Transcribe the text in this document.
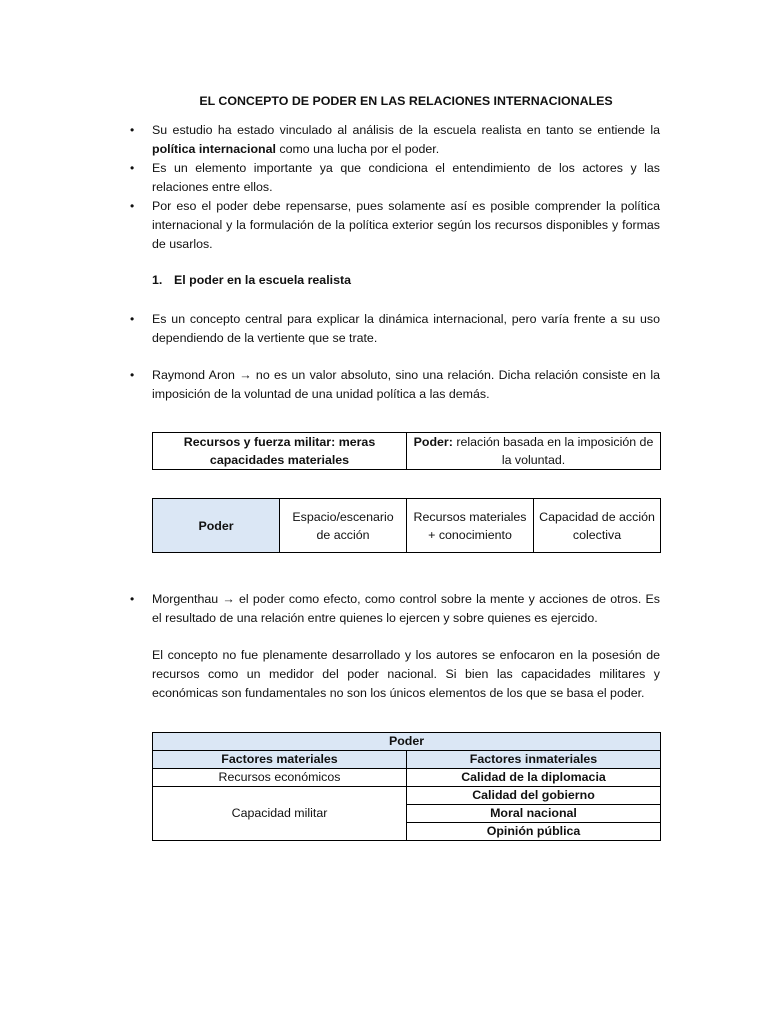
EL CONCEPTO DE PODER EN LAS RELACIONES INTERNACIONALES
• Su estudio ha estado vinculado al análisis de la escuela realista en tanto se entiende la política internacional como una lucha por el poder.
• Es un elemento importante ya que condiciona el entendimiento de los actores y las relaciones entre ellos.
• Por eso el poder debe repensarse, pues solamente así es posible comprender la política internacional y la formulación de la política exterior según los recursos disponibles y formas de usarlos.
1. El poder en la escuela realista
• Es un concepto central para explicar la dinámica internacional, pero varía frente a su uso dependiendo de la vertiente que se trate.
• Raymond Aron → no es un valor absoluto, sino una relación. Dicha relación consiste en la imposición de la voluntad de una unidad política a las demás.
Recursos y fuerza militar: meras capacidades materiales	Poder: relación basada en la imposición de la voluntad.
Poder	Espacio/escenario de acción	Recursos materiales + conocimiento	Capacidad de acción colectiva
• Morgenthau → el poder como efecto, como control sobre la mente y acciones de otros. Es el resultado de una relación entre quienes lo ejercen y sobre quienes es ejercido.
El concepto no fue plenamente desarrollado y los autores se enfocaron en la posesión de recursos como un medidor del poder nacional. Si bien las capacidades militares y económicas son fundamentales no son los únicos elementos de los que se basa el poder.
Poder	
Factores materiales	Factores inmateriales
Recursos económicos	Calidad de la diplomacia
Capacidad militar	Calidad del gobierno
	Moral nacional
	Opinión pública
